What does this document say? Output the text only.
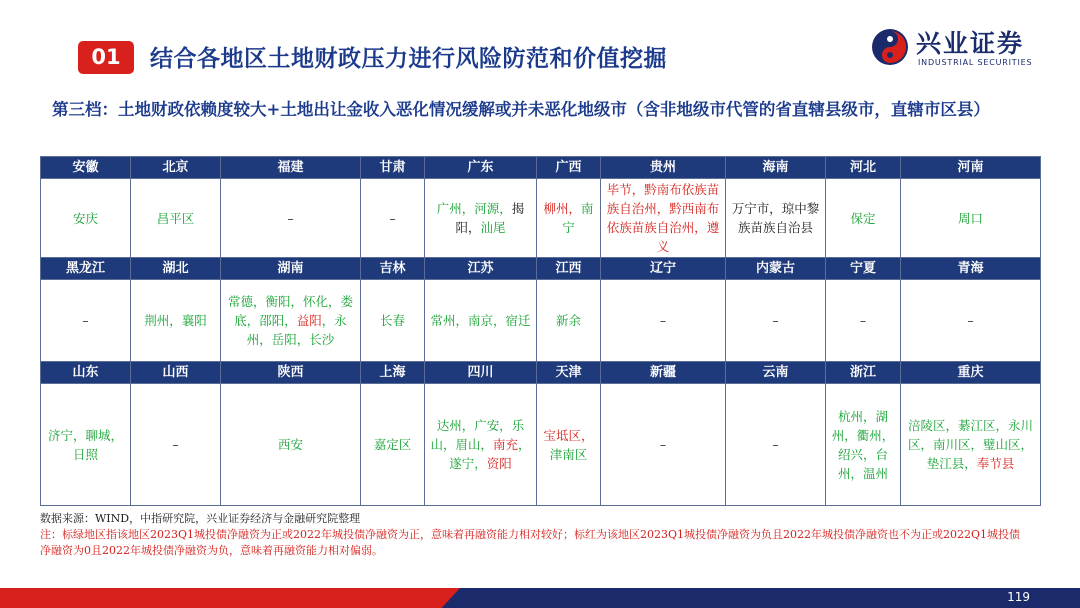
01	结合各地区土地财政压力进行风险防范和价值挖掘
兴业证券
INDUSTRIAL SECURITIES
第三档：土地财政依赖度较大+土地出让金收入恶化情况缓解或并未恶化地级市（含非地级市代管的省直辖县级市，直辖市区县）
安徽	北京	福建	甘肃	广东	广西	贵州	海南	河北	河南
安庆	昌平区	–	–	广州，河源，揭阳，汕尾	柳州，南宁	毕节，黔南布依族苗族自治州，黔西南布依族苗族自治州，遵义	万宁市，琼中黎族苗族自治县	保定	周口
黑龙江	湖北	湖南	吉林	江苏	江西	辽宁	内蒙古	宁夏	青海
–	荆州，襄阳	常德，衡阳，怀化，娄底，邵阳，益阳，永州，岳阳，长沙	长春	常州，南京，宿迁	新余	–	–	–	–
山东	山西	陕西	上海	四川	天津	新疆	云南	浙江	重庆
济宁，聊城，日照	–	西安	嘉定区	达州，广安，乐山，眉山，南充，遂宁，资阳	宝坻区，津南区	–	–	杭州，湖州，衢州，绍兴，台州，温州	涪陵区，綦江区，永川区，南川区，璧山区，垫江县，奉节县
数据来源：WIND，中指研究院，兴业证券经济与金融研究院整理
注：标绿地区指该地区2023Q1城投债净融资为正或2022年城投债净融资为正，意味着再融资能力相对较好；标红为该地区2023Q1城投债净融资为负且2022年城投债净融资也不为正或2022Q1城投债净融资为0且2022年城投债净融资为负，意味着再融资能力相对偏弱。
119
